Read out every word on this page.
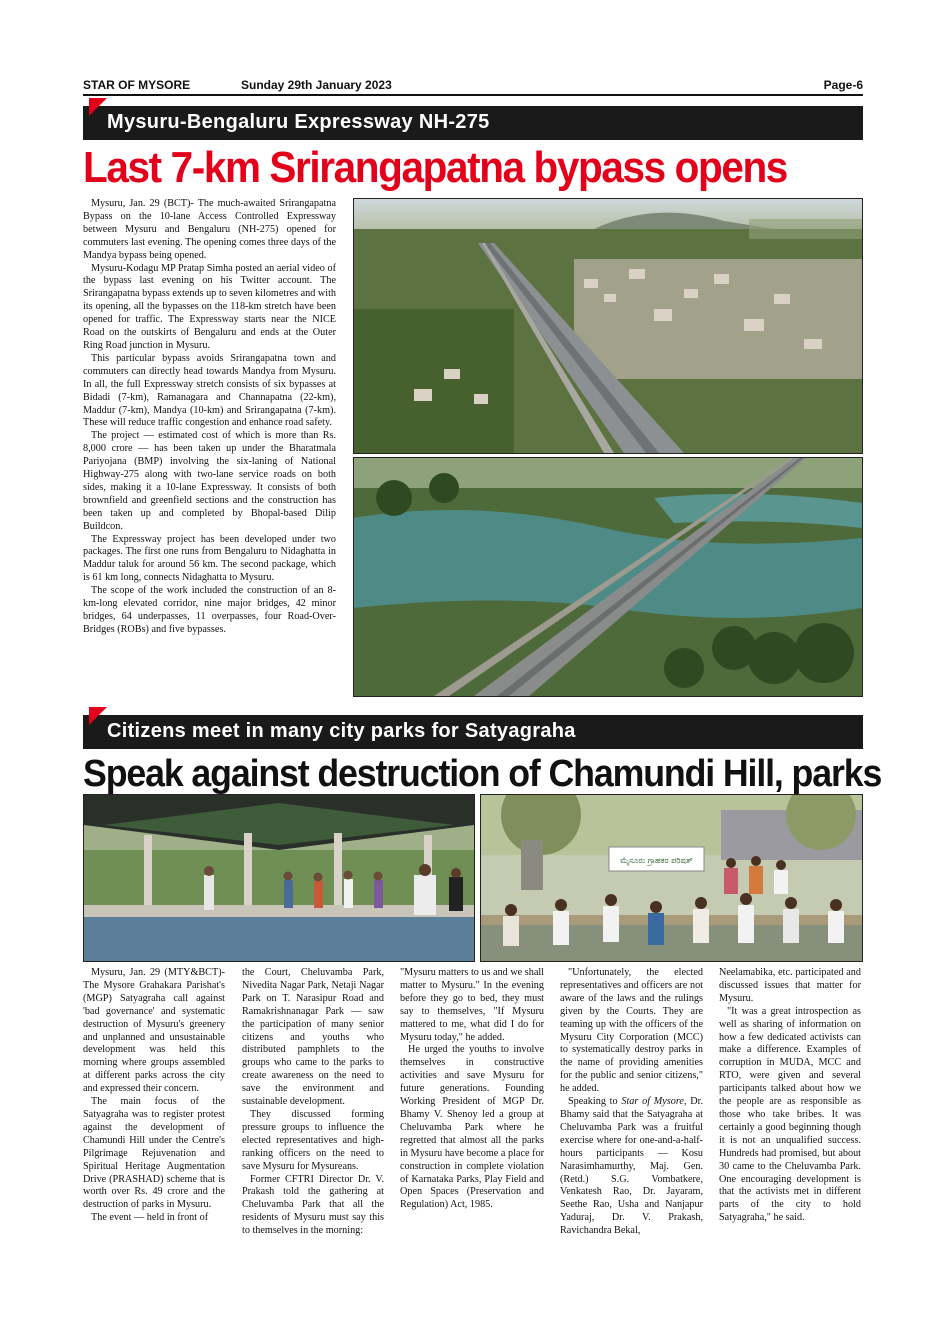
STAR OF MYSORE	Sunday 29th January 2023	Page-6
Mysuru-Bengaluru Expressway NH-275
Last 7-km Srirangapatna bypass opens

Mysuru, Jan. 29 (BCT)- The much-awaited Srirangapatna Bypass on the 10-lane Access Controlled Expressway between Mysuru and Bengaluru (NH-275) opened for commuters last evening. The opening comes three days of the Mandya bypass being opened.

Mysuru-Kodagu MP Pratap Simha posted an aerial video of the bypass last evening on his Twitter account. The Srirangapatna bypass extends up to seven kilometres and with its opening, all the bypasses on the 118-km stretch have been opened for traffic. The Expressway starts near the NICE Road on the outskirts of Bengaluru and ends at the Outer Ring Road junction in Mysuru.

This particular bypass avoids Srirangapatna town and commuters can directly head towards Mandya from Mysuru. In all, the full Expressway stretch consists of six bypasses at Bidadi (7-km), Ramanagara and Channapatna (22-km), Maddur (7-km), Mandya (10-km) and Srirangapatna (7-km). These will reduce traffic congestion and enhance road safety.

The project — estimated cost of which is more than Rs. 8,000 crore — has been taken up under the Bharatmala Pariyojana (BMP) involving the six-laning of National Highway-275 along with two-lane service roads on both sides, making it a 10-lane Expressway. It consists of both brownfield and greenfield sections and the construction has been taken up and completed by Bhopal-based Dilip Buildcon.

The Expressway project has been developed under two packages. The first one runs from Bengaluru to Nidaghatta in Maddur taluk for around 56 km. The second package, which is 61 km long, connects Nidaghatta to Mysuru.

The scope of the work included the construction of an 8-km-long elevated corridor, nine major bridges, 42 minor bridges, 64 underpasses, 11 overpasses, four Road-Over-Bridges (ROBs) and five bypasses.

Citizens meet in many city parks for Satyagraha
Speak against destruction of Chamundi Hill, parks
ಮೈಸೂರು ಗ್ರಾಹಕರ ಪರಿಷತ್

Mysuru, Jan. 29 (MTY&BCT)- The Mysore Grahakara Parishat's (MGP) Satyagraha call against 'bad governance' and systematic destruction of Mysuru's greenery and unplanned and unsustainable development was held this morning where groups assembled at different parks across the city and expressed their concern.

The main focus of the Satyagraha was to register protest against the development of Chamundi Hill under the Centre's Pilgrimage Rejuvenation and Spiritual Heritage Augmentation Drive (PRASHAD) scheme that is worth over Rs. 49 crore and the destruction of parks in Mysuru.

The event — held in front of

the Court, Cheluvamba Park, Nivedita Nagar Park, Netaji Nagar Park on T. Narasipur Road and Ramakrishnanagar Park — saw the participation of many senior citizens and youths who distributed pamphlets to the groups who came to the parks to create awareness on the need to save the environment and sustainable development.

They discussed forming pressure groups to influence the elected representatives and high-ranking officers on the need to save Mysuru for Mysureans.

Former CFTRI Director Dr. V. Prakash told the gathering at Cheluvamba Park that all the residents of Mysuru must say this to themselves in the morning:

"Mysuru matters to us and we shall matter to Mysuru." In the evening before they go to bed, they must say to themselves, "If Mysuru mattered to me, what did I do for Mysuru today," he added.

He urged the youths to involve themselves in constructive activities and save Mysuru for future generations. Founding Working President of MGP Dr. Bhamy V. Shenoy led a group at Cheluvamba Park where he regretted that almost all the parks in Mysuru have become a place for construction in complete violation of Karnataka Parks, Play Field and Open Spaces (Preservation and Regulation) Act, 1985.

"Unfortunately, the elected representatives and officers are not aware of the laws and the rulings given by the Courts. They are teaming up with the officers of the Mysuru City Corporation (MCC) to systematically destroy parks in the name of providing amenities for the public and senior citizens," he added.

Speaking to Star of Mysore, Dr. Bhamy said that the Satyagraha at Cheluvamba Park was a fruitful exercise where for one-and-a-half-hours participants — Kosu Narasimhamurthy, Maj. Gen. (Retd.) S.G. Vombatkere, Venkatesh Rao, Dr. Jayaram, Seethe Rao, Usha and Nanjapur Yaduraj, Dr. V. Prakash, Ravichandra Bekal,

Neelamabika, etc. participated and discussed issues that matter for Mysuru.

"It was a great introspection as well as sharing of information on how a few dedicated activists can make a difference. Examples of corruption in MUDA, MCC and RTO, were given and several participants talked about how we the people are as responsible as those who take bribes. It was certainly a good beginning though it is not an unqualified success. Hundreds had promised, but about 30 came to the Cheluvamba Park. One encouraging development is that the activists met in different parts of the city to hold Satyagraha," he said.
